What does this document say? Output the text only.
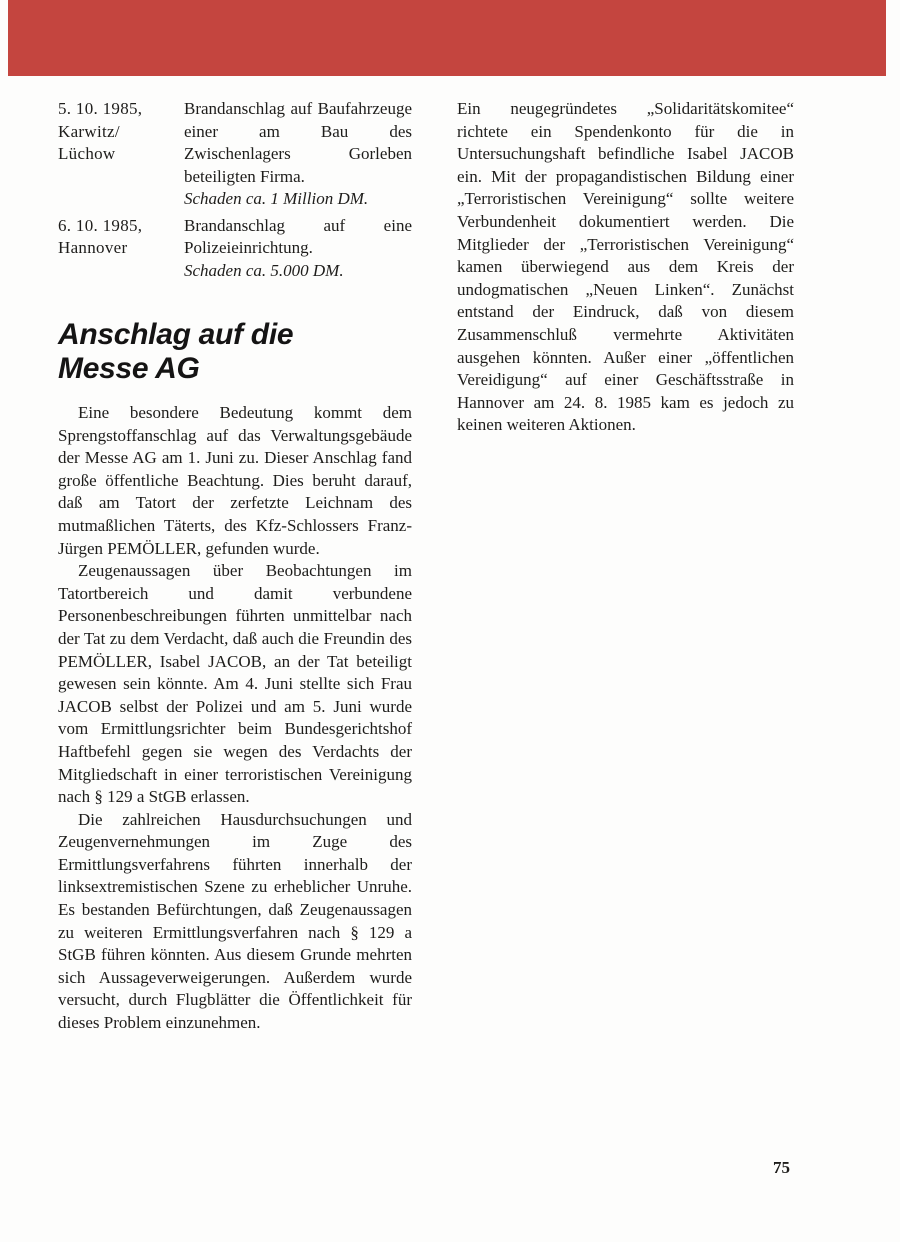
5. 10. 1985,
Karwitz/
Lüchow
Brandanschlag auf Baufahrzeuge einer am Bau des Zwischenlagers Gorleben beteiligten Firma.
Schaden ca. 1 Million DM.
6. 10. 1985,
Hannover
Brandanschlag auf eine Polizeieinrichtung.
Schaden ca. 5.000 DM.
Anschlag auf die
Messe AG

Eine besondere Bedeutung kommt dem Sprengstoffanschlag auf das Verwaltungsgebäude der Messe AG am 1. Juni zu. Dieser Anschlag fand große öffentliche Beachtung. Dies beruht darauf, daß am Tatort der zerfetzte Leichnam des mutmaßlichen Täterts, des Kfz-Schlossers Franz-Jürgen PEMÖLLER, gefunden wurde.

Zeugenaussagen über Beobachtungen im Tatortbereich und damit verbundene Personenbeschreibungen führten unmittelbar nach der Tat zu dem Verdacht, daß auch die Freundin des PEMÖLLER, Isabel JACOB, an der Tat beteiligt gewesen sein könnte. Am 4. Juni stellte sich Frau JACOB selbst der Polizei und am 5. Juni wurde vom Ermittlungsrichter beim Bundesgerichtshof Haftbefehl gegen sie wegen des Verdachts der Mitgliedschaft in einer terroristischen Vereinigung nach § 129 a StGB erlassen.

Die zahlreichen Hausdurchsuchungen und Zeugenvernehmungen im Zuge des Ermittlungsverfahrens führten innerhalb der linksextremistischen Szene zu erheblicher Unruhe. Es bestanden Befürchtungen, daß Zeugenaussagen zu weiteren Ermittlungsverfahren nach § 129 a StGB führen könnten. Aus diesem Grunde mehrten sich Aussageverweigerungen. Außerdem wurde versucht, durch Flugblätter die Öffentlichkeit für dieses Problem einzunehmen.

Ein neugegründetes „Solidaritätskomitee“ richtete ein Spendenkonto für die in Untersuchungshaft befindliche Isabel JACOB ein. Mit der propagandistischen Bildung einer „Terroristischen Vereinigung“ sollte weitere Verbundenheit dokumentiert werden. Die Mitglieder der „Terroristischen Vereinigung“ kamen überwiegend aus dem Kreis der undogmatischen „Neuen Linken“. Zunächst entstand der Eindruck, daß von diesem Zusammenschluß vermehrte Aktivitäten ausgehen könnten. Außer einer „öffentlichen Vereidigung“ auf einer Geschäftsstraße in Hannover am 24. 8. 1985 kam es jedoch zu keinen weiteren Aktionen.

75
